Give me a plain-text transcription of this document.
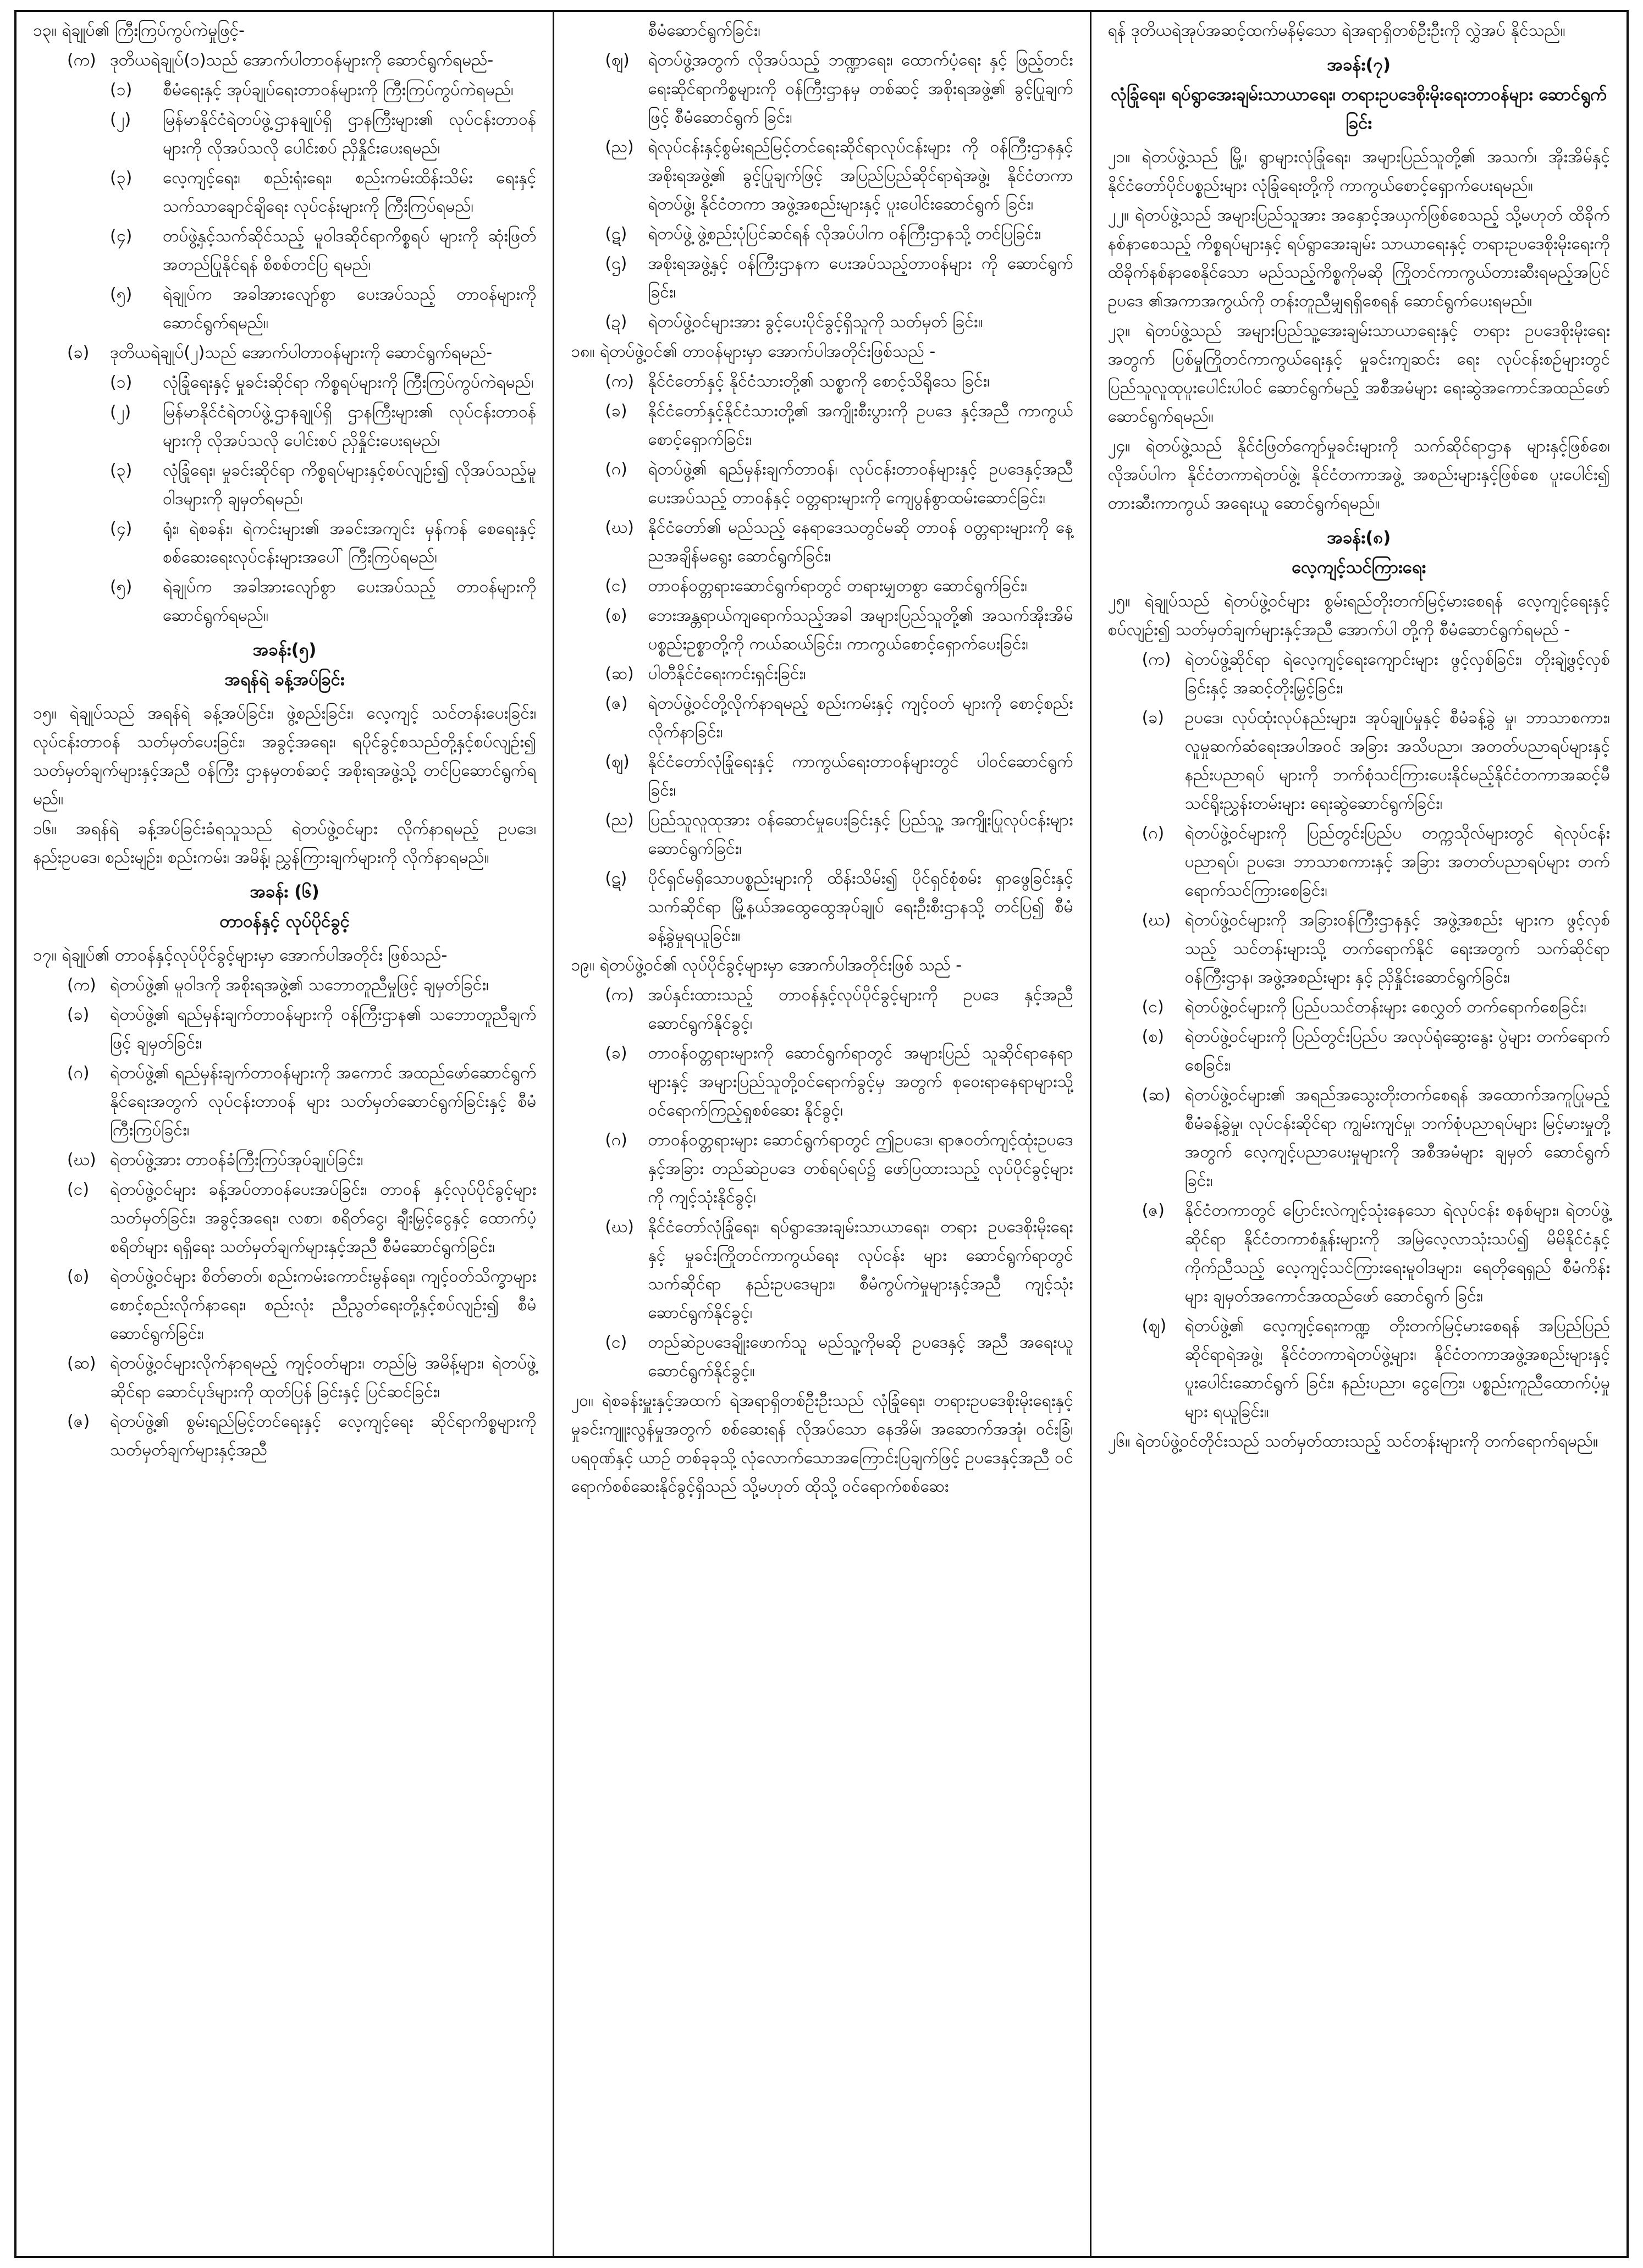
၁၃။ ရဲချုပ်၏ ကြီးကြပ်ကွပ်ကဲမှုဖြင့်-

(က) ဒုတိယရဲချုပ်(၁)သည် အောက်ပါတာဝန်များကို ဆောင်ရွက်ရမည်-
(၁)	စီမံရေးနှင့် အုပ်ချုပ်ရေးတာဝန်များကို ကြီးကြပ်ကွပ်ကဲရမည်၊
(၂)	မြန်မာနိုင်ငံရဲတပ်ဖွဲ့ဌာနချုပ်ရှိ ဌာနကြီးများ၏ လုပ်ငန်းတာဝန်များကို လိုအပ်သလို ပေါင်းစပ် ညှိနှိုင်းပေးရမည်၊
(၃)	လေ့ကျင့်ရေး၊ စည်းရုံးရေး၊ စည်းကမ်းထိန်းသိမ်း ရေးနှင့် သက်သာချောင်ချိရေး လုပ်ငန်းများကို ကြီးကြပ်ရမည်၊
(၄)	တပ်ဖွဲ့နှင့်သက်ဆိုင်သည့် မူဝါဒဆိုင်ရာကိစ္စရပ် များကို ဆုံးဖြတ်အတည်ပြုနိုင်ရန် စိစစ်တင်ပြ ရမည်၊
(၅)	ရဲချုပ်က အခါအားလျော်စွာ ပေးအပ်သည့် တာဝန်များကို ဆောင်ရွက်ရမည်။
(ခ)	ဒုတိယရဲချုပ်(၂)သည် အောက်ပါတာဝန်များကို ဆောင်ရွက်ရမည်-
(၁)	လုံခြုံရေးနှင့် မှုခင်းဆိုင်ရာ ကိစ္စရပ်များကို ကြီးကြပ်ကွပ်ကဲရမည်၊
(၂)	မြန်မာနိုင်ငံရဲတပ်ဖွဲ့ဌာနချုပ်ရှိ ဌာနကြီးများ၏ လုပ်ငန်းတာဝန်များကို လိုအပ်သလို ပေါင်းစပ် ညှိနှိုင်းပေးရမည်၊
(၃)	လုံခြုံရေး၊ မှုခင်းဆိုင်ရာ ကိစ္စရပ်များနှင့်စပ်လျဉ်း၍ လိုအပ်သည့်မူဝါဒများကို ချမှတ်ရမည်၊
(၄)	ရုံး၊ ရဲစခန်း၊ ရဲကင်းများ၏ အခင်းအကျင်း မှန်ကန် စေရေးနှင့် စစ်ဆေးရေးလုပ်ငန်းများအပေါ် ကြီးကြပ်ရမည်၊
(၅)	ရဲချုပ်က အခါအားလျော်စွာ ပေးအပ်သည့် တာဝန်များကို ဆောင်ရွက်ရမည်။
အခန်း(၅)
အရန်ရဲ ခန့်အပ်ခြင်း

၁၅။ ရဲချုပ်သည် အရန်ရဲ ခန့်အပ်ခြင်း၊ ဖွဲ့စည်းခြင်း၊ လေ့ကျင့် သင်တန်းပေးခြင်း၊ လုပ်ငန်းတာဝန် သတ်မှတ်ပေးခြင်း၊ အခွင့်အရေး၊ ရပိုင်ခွင့်စသည်တို့နှင့်စပ်လျဉ်း၍ သတ်မှတ်ချက်များနှင့်အညီ ဝန်ကြီး ဌာနမှတစ်ဆင့် အစိုးရအဖွဲ့သို့ တင်ပြဆောင်ရွက်ရမည်။

၁၆။ အရန်ရဲ ခန့်အပ်ခြင်းခံရသူသည် ရဲတပ်ဖွဲ့ဝင်များ လိုက်နာရမည့် ဥပဒေ၊ နည်းဥပဒေ၊ စည်းမျဉ်း၊ စည်းကမ်း၊ အမိန့်၊ ညွှန်ကြားချက်များကို လိုက်နာရမည်။

အခန်း (၆)
တာဝန်နှင့် လုပ်ပိုင်ခွင့်

၁၇။ ရဲချုပ်၏ တာဝန်နှင့်လုပ်ပိုင်ခွင့်များမှာ အောက်ပါအတိုင်း ဖြစ်သည်-

(က) ရဲတပ်ဖွဲ့၏ မူဝါဒကို အစိုးရအဖွဲ့၏ သဘောတူညီမှုဖြင့် ချမှတ်ခြင်း၊
(ခ)	ရဲတပ်ဖွဲ့၏ ရည်မှန်းချက်တာဝန်များကို ဝန်ကြီးဌာန၏ သဘောတူညီချက်ဖြင့် ချမှတ်ခြင်း၊
(ဂ)	ရဲတပ်ဖွဲ့၏ ရည်မှန်းချက်တာဝန်များကို အကောင် အထည်ဖော်ဆောင်ရွက်နိုင်ရေးအတွက် လုပ်ငန်းတာဝန် များ သတ်မှတ်ဆောင်ရွက်ခြင်းနှင့် စီမံကြီးကြပ်ခြင်း၊
(ဃ) ရဲတပ်ဖွဲ့အား တာဝန်ခံကြီးကြပ်အုပ်ချုပ်ခြင်း၊
(င)	ရဲတပ်ဖွဲ့ဝင်များ ခန့်အပ်တာဝန်ပေးအပ်ခြင်း၊ တာဝန် နှင့်လုပ်ပိုင်ခွင့်များသတ်မှတ်ခြင်း၊ အခွင့်အရေး၊ လစာ၊ စရိတ်ငွေ၊ ချီးမြှင့်ငွေနှင့် ထောက်ပံ့စရိတ်များ ရရှိရေး သတ်မှတ်ချက်များနှင့်အညီ စီမံဆောင်ရွက်ခြင်း၊
(စ)	ရဲတပ်ဖွဲ့ဝင်များ စိတ်ဓာတ်၊ စည်းကမ်းကောင်းမွန်ရေး၊ ကျင့်ဝတ်သိက္ခာများ စောင့်စည်းလိုက်နာရေး၊ စည်းလုံး ညီညွတ်ရေးတို့နှင့်စပ်လျဉ်း၍ စီမံဆောင်ရွက်ခြင်း၊
(ဆ) ရဲတပ်ဖွဲ့ဝင်များလိုက်နာရမည့် ကျင့်ဝတ်များ၊ တည်မြဲ အမိန့်များ၊ ရဲတပ်ဖွဲ့ဆိုင်ရာ ဆောင်ပုဒ်များကို ထုတ်ပြန် ခြင်းနှင့် ပြင်ဆင်ခြင်း၊
(ဇ)	ရဲတပ်ဖွဲ့၏ စွမ်းရည်မြင့်တင်ရေးနှင့် လေ့ကျင့်ရေး ဆိုင်ရာကိစ္စများကို သတ်မှတ်ချက်များနှင့်အညီ
စီမံဆောင်ရွက်ခြင်း၊
(ဈ)	ရဲတပ်ဖွဲ့အတွက် လိုအပ်သည့် ဘဏ္ဍာရေး၊ ထောက်ပံ့ရေး နှင့် ဖြည့်တင်းရေးဆိုင်ရာကိစ္စများကို ဝန်ကြီးဌာနမှ တစ်ဆင့် အစိုးရအဖွဲ့၏ ခွင့်ပြုချက်ဖြင့် စီမံဆောင်ရွက် ခြင်း၊
(ည) ရဲလုပ်ငန်းနှင့်စွမ်းရည်မြင့်တင်ရေးဆိုင်ရာလုပ်ငန်းများ ကို ဝန်ကြီးဌာနနှင့်အစိုးရအဖွဲ့၏ ခွင့်ပြုချက်ဖြင့် အပြည်ပြည်ဆိုင်ရာရဲအဖွဲ့၊ နိုင်ငံတကာရဲတပ်ဖွဲ့၊ နိုင်ငံတကာ အဖွဲ့အစည်းများနှင့် ပူးပေါင်းဆောင်ရွက် ခြင်း၊
(ဋ)	ရဲတပ်ဖွဲ့ ဖွဲ့စည်းပုံပြင်ဆင်ရန် လိုအပ်ပါက ဝန်ကြီးဌာနသို့ တင်ပြခြင်း၊
(ဌ)	အစိုးရအဖွဲ့နှင့် ဝန်ကြီးဌာနက ပေးအပ်သည့်တာဝန်များ ကို ဆောင်ရွက်ခြင်း၊
(ဍ)	ရဲတပ်ဖွဲ့ဝင်များအား ခွင့်ပေးပိုင်ခွင့်ရှိသူကို သတ်မှတ် ခြင်း။

၁၈။ ရဲတပ်ဖွဲ့ဝင်၏ တာဝန်များမှာ အောက်ပါအတိုင်းဖြစ်သည် -

(က) နိုင်ငံတော်နှင့် နိုင်ငံသားတို့၏ သစ္စာကို စောင့်သိရိုသေ ခြင်း၊
(ခ)	နိုင်ငံတော်နှင့်နိုင်ငံသားတို့၏ အကျိုးစီးပွားကို ဥပဒေ နှင့်အညီ ကာကွယ်စောင့်ရှောက်ခြင်း၊
(ဂ)	ရဲတပ်ဖွဲ့၏ ရည်မှန်းချက်တာဝန်၊ လုပ်ငန်းတာဝန်များနှင့် ဥပဒေနှင့်အညီ ပေးအပ်သည့် တာဝန်နှင့် ဝတ္တရားများကို ကျေပွန်စွာထမ်းဆောင်ခြင်း၊
(ဃ) နိုင်ငံတော်၏ မည်သည့် နေရာဒေသတွင်မဆို တာဝန် ဝတ္တရားများကို နေ့ညအချိန်မရွေး ဆောင်ရွက်ခြင်း၊
(င)	တာဝန်ဝတ္တရားဆောင်ရွက်ရာတွင် တရားမျှတစွာ ဆောင်ရွက်ခြင်း၊
(စ)	ဘေးအန္တရာယ်ကျရောက်သည့်အခါ အများပြည်သူတို့၏ အသက်အိုးအိမ်ပစ္စည်းဥစ္စာတို့ကို ကယ်ဆယ်ခြင်း၊ ကာကွယ်စောင့်ရှောက်ပေးခြင်း၊
(ဆ) ပါတီနိုင်ငံရေးကင်းရှင်းခြင်း၊
(ဇ)	ရဲတပ်ဖွဲ့ဝင်တို့လိုက်နာရမည့် စည်းကမ်းနှင့် ကျင့်ဝတ် များကို စောင့်စည်းလိုက်နာခြင်း၊
(ဈ)	နိုင်ငံတော်လုံခြုံရေးနှင့် ကာကွယ်ရေးတာဝန်များတွင် ပါဝင်ဆောင်ရွက်ခြင်း၊
(ည) ပြည်သူလူထုအား ဝန်ဆောင်မှုပေးခြင်းနှင့် ပြည်သူ့ အကျိုးပြုလုပ်ငန်းများ ဆောင်ရွက်ခြင်း၊
(ဋ)	ပိုင်ရှင်မရှိသောပစ္စည်းများကို ထိန်းသိမ်း၍ ပိုင်ရှင်စုံစမ်း ရှာဖွေခြင်းနှင့် သက်ဆိုင်ရာ မြို့နယ်အထွေထွေအုပ်ချုပ် ရေးဦးစီးဌာနသို့ တင်ပြ၍ စီမံခန့်ခွဲမှုရယူခြင်း။

၁၉။ ရဲတပ်ဖွဲ့ဝင်၏ လုပ်ပိုင်ခွင့်များမှာ အောက်ပါအတိုင်းဖြစ် သည် -

(က) အပ်နှင်းထားသည့် တာဝန်နှင့်လုပ်ပိုင်ခွင့်များကို ဥပဒေ နှင့်အညီ ဆောင်ရွက်နိုင်ခွင့်၊
(ခ)	တာဝန်ဝတ္တရားများကို ဆောင်ရွက်ရာတွင် အများပြည် သူဆိုင်ရာနေရာများနှင့် အများပြည်သူတို့ဝင်ရောက်ခွင့်မှ အတွက် စုဝေးရာနေရာများသို့ဝင်ရောက်ကြည့်ရှုစစ်ဆေး နိုင်ခွင့်၊
(ဂ)	တာဝန်ဝတ္တရားများ ဆောင်ရွက်ရာတွင် ဤဥပဒေ၊ ရာဇဝတ်ကျင့်ထုံးဥပဒေနှင့်အခြား တည်ဆဲဥပဒေ တစ်ရပ်ရပ်၌ ဖော်ပြထားသည့် လုပ်ပိုင်ခွင့်များကို ကျင့်သုံးနိုင်ခွင့်၊
(ဃ) နိုင်ငံတော်လုံခြုံရေး၊ ရပ်ရွာအေးချမ်းသာယာရေး၊ တရား ဥပဒေစိုးမိုးရေးနှင့် မှုခင်းကြိုတင်ကာကွယ်ရေး လုပ်ငန်း များ ဆောင်ရွက်ရာတွင် သက်ဆိုင်ရာ နည်းဥပဒေများ၊ စီမံကွပ်ကဲမှုများနှင့်အညီ ကျင့်သုံးဆောင်ရွက်နိုင်ခွင့်၊
(င)	တည်ဆဲဥပဒေချိုးဖောက်သူ မည်သူ့ကိုမဆို ဥပဒေနှင့် အညီ အရေးယူဆောင်ရွက်နိုင်ခွင့်။

၂၀။ ရဲစခန်းမှူးနှင့်အထက် ရဲအရာရှိတစ်ဦးဦးသည် လုံခြုံရေး၊ တရားဥပဒေစိုးမိုးရေးနှင့် မှုခင်းကျူးလွန်မှုအတွက် စစ်ဆေးရန် လိုအပ်သော နေအိမ်၊ အဆောက်အအုံ၊ ဝင်းခြံ၊ ပရဝုဏ်နှင့် ယာဉ် တစ်ခုခုသို့ လုံလောက်သောအကြောင်းပြချက်ဖြင့် ဥပဒေနှင့်အညီ ဝင်ရောက်စစ်ဆေးနိုင်ခွင့်ရှိသည် သို့မဟုတ် ထိုသို့ ဝင်ရောက်စစ်ဆေး

ရန် ဒုတိယရဲအုပ်အဆင့်ထက်မနိမ့်သော ရဲအရာရှိတစ်ဦးဦးကို လွှဲအပ် နိုင်သည်။

အခန်း(၇)
လုံခြုံရေး၊ ရပ်ရွာအေးချမ်းသာယာရေး၊ တရားဥပဒေစိုးမိုးရေးတာဝန်များ ဆောင်ရွက်ခြင်း

၂၁။ ရဲတပ်ဖွဲ့သည် မြို့၊ ရွာများလုံခြုံရေး၊ အများပြည်သူတို့၏ အသက်၊ အိုးအိမ်နှင့် နိုင်ငံတော်ပိုင်ပစ္စည်းများ လုံခြုံရေးတို့ကို ကာကွယ်စောင့်ရှောက်ပေးရမည်။

၂၂။ ရဲတပ်ဖွဲ့သည် အများပြည်သူအား အနှောင့်အယှက်ဖြစ်စေသည့် သို့မဟုတ် ထိခိုက်နစ်နာစေသည့် ကိစ္စရပ်များနှင့် ရပ်ရွာအေးချမ်း သာယာရေးနှင့် တရားဥပဒေစိုးမိုးရေးကို ထိခိုက်နစ်နာစေနိုင်သော မည်သည့်ကိစ္စကိုမဆို ကြိုတင်ကာကွယ်တားဆီးရမည့်အပြင် ဥပဒေ ၏အကာအကွယ်ကို တန်းတူညီမျှရရှိစေရန် ဆောင်ရွက်ပေးရမည်။

၂၃။ ရဲတပ်ဖွဲ့သည် အများပြည်သူ့အေးချမ်းသာယာရေးနှင့် တရား ဥပဒေစိုးမိုးရေးအတွက် ပြစ်မှုကြိုတင်ကာကွယ်ရေးနှင့် မှုခင်းကျဆင်း ရေး လုပ်ငန်းစဉ်များတွင် ပြည်သူလူထုပူးပေါင်းပါဝင် ဆောင်ရွက်မည့် အစီအမံများ ရေးဆွဲအကောင်အထည်ဖော် ဆောင်ရွက်ရမည်။

၂၄။ ရဲတပ်ဖွဲ့သည် နိုင်ငံဖြတ်ကျော်မှုခင်းများကို သက်ဆိုင်ရာဌာန များနှင့်ဖြစ်စေ၊ လိုအပ်ပါက နိုင်ငံတကာရဲတပ်ဖွဲ့၊ နိုင်ငံတကာအဖွဲ့ အစည်းများနှင့်ဖြစ်စေ ပူးပေါင်း၍ တားဆီးကာကွယ် အရေးယူ ဆောင်ရွက်ရမည်။

အခန်း(၈)
လေ့ကျင့်သင်ကြားရေး

၂၅။ ရဲချုပ်သည် ရဲတပ်ဖွဲ့ဝင်များ စွမ်းရည်တိုးတက်မြင့်မားစေရန် လေ့ကျင့်ရေးနှင့်စပ်လျဉ်း၍ သတ်မှတ်ချက်များနှင့်အညီ အောက်ပါ တို့ကို စီမံဆောင်ရွက်ရမည် -

(က) ရဲတပ်ဖွဲ့ဆိုင်ရာ ရဲလေ့ကျင့်ရေးကျောင်းများ ဖွင့်လှစ်ခြင်း၊ တိုးချဲ့ဖွင့်လှစ်ခြင်းနှင့် အဆင့်တိုးမြှင့်ခြင်း၊
(ခ)	ဥပဒေ၊ လုပ်ထုံးလုပ်နည်းများ၊ အုပ်ချုပ်မှုနှင့် စီမံခန့်ခွဲ မှု၊ ဘာသာစကား၊ လူမှုဆက်ဆံရေးအပါအဝင် အခြား အသိပညာ၊ အတတ်ပညာရပ်များနှင့် နည်းပညာရပ် များကို ဘက်စုံသင်ကြားပေးနိုင်မည့်နိုင်ငံတကာအဆင့်မီ သင်ရိုးညွှန်းတမ်းများ ရေးဆွဲဆောင်ရွက်ခြင်း၊
(ဂ)	ရဲတပ်ဖွဲ့ဝင်များကို ပြည်တွင်းပြည်ပ တက္ကသိုလ်များတွင် ရဲလုပ်ငန်းပညာရပ်၊ ဥပဒေ၊ ဘာသာစကားနှင့် အခြား အတတ်ပညာရပ်များ တက်ရောက်သင်ကြားစေခြင်း၊
(ဃ) ရဲတပ်ဖွဲ့ဝင်များကို အခြားဝန်ကြီးဌာနနှင့် အဖွဲ့အစည်း များက ဖွင့်လှစ်သည့် သင်တန်းများသို့ တက်ရောက်နိုင် ရေးအတွက် သက်ဆိုင်ရာဝန်ကြီးဌာန၊ အဖွဲ့အစည်းများ နှင့် ညှိနှိုင်းဆောင်ရွက်ခြင်း၊
(င)	ရဲတပ်ဖွဲ့ဝင်များကို ပြည်ပသင်တန်းများ စေလွှတ် တက်ရောက်စေခြင်း၊
(စ)	ရဲတပ်ဖွဲ့ဝင်များကို ပြည်တွင်းပြည်ပ အလုပ်ရုံဆွေးနွေး ပွဲများ တက်ရောက်စေခြင်း၊
(ဆ) ရဲတပ်ဖွဲ့ဝင်များ၏ အရည်အသွေးတိုးတက်စေရန် အထောက်အကူပြုမည့် စီမံခန့်ခွဲမှု၊ လုပ်ငန်းဆိုင်ရာ ကျွမ်းကျင်မှု၊ ဘက်စုံပညာရပ်များ မြင့်မားမှုတို့အတွက် လေ့ကျင့်ပညာပေးမှုများကို အစီအမံများ ချမှတ် ဆောင်ရွက်ခြင်း၊
(ဇ)	နိုင်ငံတကာတွင် ပြောင်းလဲကျင့်သုံးနေသော ရဲလုပ်ငန်း စနစ်များ၊ ရဲတပ်ဖွဲ့ဆိုင်ရာ နိုင်ငံတကာစံနှုန်းများကို အမြဲလေ့လာသုံးသပ်၍ မိမိနိုင်ငံနှင့် ကိုက်ညီသည့် လေ့ကျင့်သင်ကြားရေးမူဝါဒများ၊ ရေတိုရေရှည် စီမံကိန်းများ ချမှတ်အကောင်အထည်ဖော် ဆောင်ရွက် ခြင်း၊
(ဈ)	ရဲတပ်ဖွဲ့၏ လေ့ကျင့်ရေးကဏ္ဍ တိုးတက်မြင့်မားစေရန် အပြည်ပြည်ဆိုင်ရာရဲအဖွဲ့၊ နိုင်ငံတကာရဲတပ်ဖွဲ့များ၊ နိုင်ငံတကာအဖွဲ့အစည်းများနှင့် ပူးပေါင်းဆောင်ရွက် ခြင်း၊ နည်းပညာ၊ ငွေကြေး၊ ပစ္စည်းကူညီထောက်ပံ့မှုများ ရယူခြင်း။

၂၆။ ရဲတပ်ဖွဲ့ဝင်တိုင်းသည် သတ်မှတ်ထားသည့် သင်တန်းများကို တက်ရောက်ရမည်။
